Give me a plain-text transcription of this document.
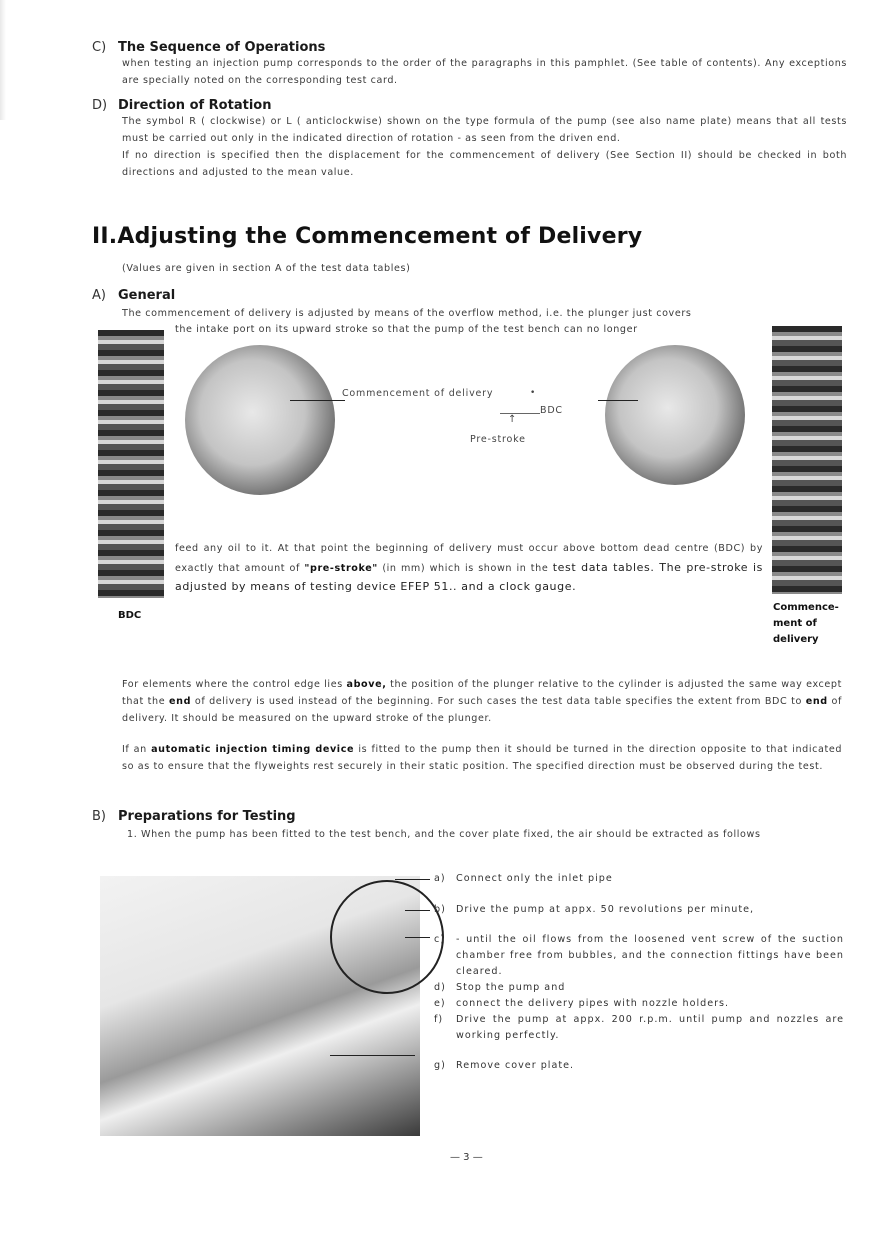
C) The Sequence of Operations
when testing an injection pump corresponds to the order of the paragraphs in this pamphlet. (See table of contents). Any exceptions are specially noted on the corresponding test card.
D) Direction of Rotation
The symbol R ( clockwise) or L ( anticlockwise) shown on the type formula of the pump (see also name plate) means that all tests must be carried out only in the indicated direction of rotation - as seen from the driven end.
If no direction is specified then the displacement for the commencement of delivery (See Section II) should be checked in both directions and adjusted to the mean value.
II.Adjusting the Commencement of Delivery
(Values are given in section A of the test data tables)
A) General
The commencement of delivery is adjusted by means of the overflow method, i.e. the plunger just covers
the intake port on its upward stroke so that the pump of the test bench can no longer
BDC
Commence-ment of delivery
Commencement of delivery	•
BDC
↑
Pre-stroke
feed any oil to it. At that point the beginning of delivery must occur above bottom dead centre (BDC) by exactly that amount of "pre-stroke" (in mm) which is shown in the test data tables. The pre-stroke is adjusted by means of testing device EFEP 51.. and a clock gauge.
For elements where the control edge lies above, the position of the plunger relative to the cylinder is adjusted the same way except that the end of delivery is used instead of the beginning. For such cases the test data table specifies the extent from BDC to end of delivery. It should be measured on the upward stroke of the plunger.
If an automatic injection timing device is fitted to the pump then it should be turned in the direction opposite to that indicated so as to ensure that the flyweights rest securely in their static position. The specified direction must be observed during the test.
B) Preparations for Testing
1. When the pump has been fitted to the test bench, and the cover plate fixed, the air should be extracted as follows
a) Connect only the inlet pipe
b) Drive the pump at appx. 50 revolutions per minute,
c)	- until the oil flows from the loosened vent screw of the suction chamber free from bubbles, and the connection fittings have been cleared.
d) Stop the pump and
e) connect the delivery pipes with nozzle holders.
f)	Drive the pump at appx. 200 r.p.m. until pump and nozzles are working perfectly.
g) Remove cover plate.
— 3 —
